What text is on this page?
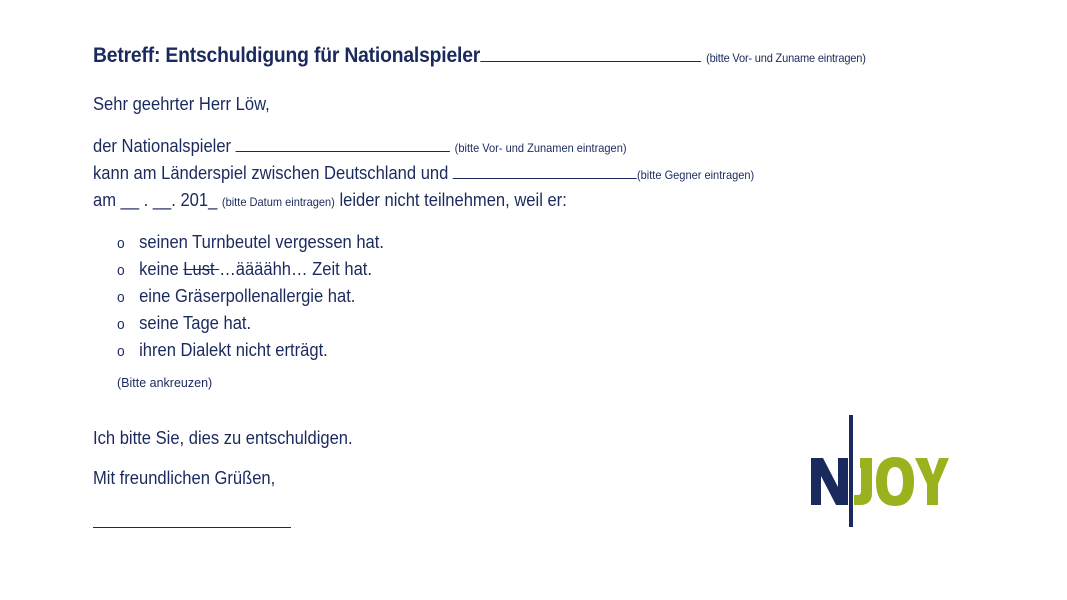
Betreff: Entschuldigung für Nationalspieler	(bitte Vor- und Zuname eintragen)
Sehr geehrter Herr Löw,
der Nationalspieler	(bitte Vor- und Zunamen eintragen)
kann am Länderspiel zwischen Deutschland und	(bitte Gegner eintragen)
am __ . __. 201_ (bitte Datum eintragen) leider nicht teilnehmen, weil er:
o seinen Turnbeutel vergessen hat.
o keine Lust …äääähh… Zeit hat.
o eine Gräserpollenallergie hat.
o seine Tage hat.
o ihren Dialekt nicht erträgt.
(Bitte ankreuzen)
Ich bitte Sie, dies zu entschuldigen.
Mit freundlichen Grüßen,
